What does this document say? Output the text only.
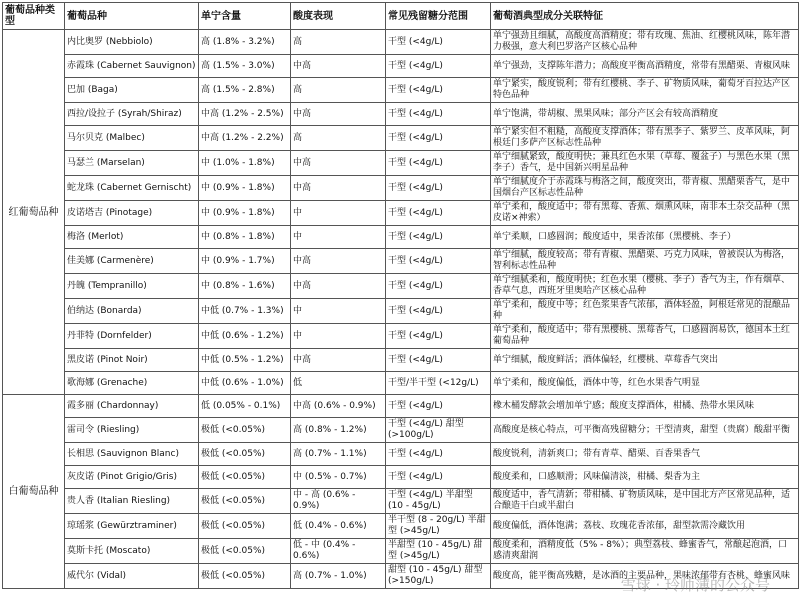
葡萄品种类型	葡萄品种	单宁含量	酸度表现	常见残留糖分范围	葡萄酒典型成分关联特征
红葡萄品种	内比奥罗 (Nebbiolo)	高 (1.8% - 3.2%)	高	干型 (<4g/L)	单宁强劲且细腻，高酸度高酒精度；带有玫瑰、焦油、红樱桃风味，陈年潜力极强，意大利巴罗洛产区核心品种
	赤霞珠 (Cabernet Sauvignon)	高 (1.5% - 3.0%)	中高	干型 (<4g/L)	单宁强劲，支撑陈年潜力；高酸度平衡高酒精度，常带有黑醋栗、青椒风味
	巴加 (Baga)	高 (1.5% - 2.8%)	高	干型 (<4g/L)	单宁紧实，酸度锐利；带有红樱桃、李子、矿物质风味，葡萄牙百拉达产区特色品种
	西拉/设拉子 (Syrah/Shiraz)	中高 (1.2% - 2.5%)	中高	干型 (<4g/L)	单宁饱满，带胡椒、黑果风味；部分产区会有较高酒精度
	马尔贝克 (Malbec)	中高 (1.2% - 2.2%)	高	干型 (<4g/L)	单宁紧实但不粗糙，高酸度支撑酒体；带有黑李子、紫罗兰、皮革风味，阿根廷门多萨产区标志性品种
	马瑟兰 (Marselan)	中 (1.0% - 1.8%)	中高	干型 (<4g/L)	单宁细腻紧致，酸度明快；兼具红色水果（草莓、覆盆子）与黑色水果（黑李子）香气，是中国新兴明星品种
	蛇龙珠 (Cabernet Gernischt)	中 (0.9% - 1.8%)	中高	干型 (<4g/L)	单宁细腻度介于赤霞珠与梅洛之间，酸度突出，带青椒、黑醋栗香气，是中国烟台产区标志性品种
	皮诺塔吉 (Pinotage)	中 (0.9% - 1.8%)	中	干型 (<4g/L)	单宁柔和，酸度适中；带有黑莓、香蕉、烟熏风味，南非本土杂交品种（黑皮诺×神索）
	梅洛 (Merlot)	中 (0.8% - 1.8%)	中	干型 (<4g/L)	单宁柔顺，口感圆润；酸度适中，果香浓郁（黑樱桃、李子）
	佳美娜 (Carmenère)	中 (0.9% - 1.7%)	中高	干型 (<4g/L)	单宁细腻，酸度较高；带有青椒、黑醋栗、巧克力风味，曾被误认为梅洛，智利标志性品种
	丹魄 (Tempranillo)	中 (0.8% - 1.6%)	中高	干型 (<4g/L)	单宁细腻柔和，酸度明快；红色水果（樱桃、李子）香气为主，作有烟草、香草气息，西班牙里奥哈产区核心品种
	伯纳达 (Bonarda)	中低 (0.7% - 1.3%)	中	干型 (<4g/L)	单宁柔和，酸度中等；红色浆果香气浓郁，酒体轻盈，阿根廷常见的混酿品种
	丹菲特 (Dornfelder)	中低 (0.6% - 1.2%)	中	干型 (<4g/L)	单宁柔和，酸度适中；带有黑樱桃、黑莓香气，口感圆润易饮，德国本土红葡萄品种
	黑皮诺 (Pinot Noir)	中低 (0.5% - 1.2%)	中高	干型 (<4g/L)	单宁细腻，酸度鲜活；酒体偏轻，红樱桃、草莓香气突出
	歌海娜 (Grenache)	中低 (0.6% - 1.0%)	低	干型/半干型 (<12g/L)	单宁柔和，酸度偏低，酒体中等，红色水果香气明显
白葡萄品种	霞多丽 (Chardonnay)	低 (0.05% - 0.1%)	中高 (0.6% - 0.9%)	干型 (<4g/L)	橡木桶发酵款会增加单宁感；酸度支撑酒体，柑橘、热带水果风味
	雷司令 (Riesling)	极低 (<0.05%)	高 (0.8% - 1.2%)	干型 (<4g/L) 甜型 (>100g/L)	高酸度是核心特点，可平衡高残留糖分；干型清爽，甜型（贵腐）酸甜平衡
	长相思 (Sauvignon Blanc)	极低 (<0.05%)	高 (0.7% - 1.1%)	干型 (<4g/L)	酸度锐利，清新爽口；带有青草、醋栗、百香果香气
	灰皮诺 (Pinot Grigio/Gris)	极低 (<0.05%)	中 (0.5% - 0.7%)	干型 (<4g/L)	酸度柔和，口感顺滑；风味偏清淡，柑橘、梨香为主
	贵人香 (Italian Riesling)	极低 (<0.05%)	中 - 高 (0.6% - 0.9%)	干型 (<4g/L) 半甜型 (10 - 45g/L)	酸度适中，香气清新；带柑橘、矿物质风味，是中国北方产区常见品种，适合酿造干白或半甜白
	琼瑶浆 (Gewürztraminer)	极低 (<0.05%)	低 (0.4% - 0.6%)	半干型 (8 - 20g/L) 半甜型 (>45g/L)	酸度偏低，酒体饱满；荔枝、玫瑰花香浓郁，甜型款需冷藏饮用
	莫斯卡托 (Moscato)	极低 (<0.05%)	低 - 中 (0.4% - 0.6%)	半甜型 (10 - 45g/L) 甜型 (>45g/L)	酸度柔和，酒精度低（5% - 8%）；典型荔枝、蜂蜜香气，常酿起泡酒，口感清爽甜润
	威代尔 (Vidal)	极低 (<0.05%)	高 (0.7% - 1.0%)	甜型 (10 - 45g/L) 甜型 (>150g/L)	酸度高，能平衡高残糖，是冰酒的主要品种，果味浓郁带有杏桃、蜂蜜风味
雪球 · 玲师薄的公众号
